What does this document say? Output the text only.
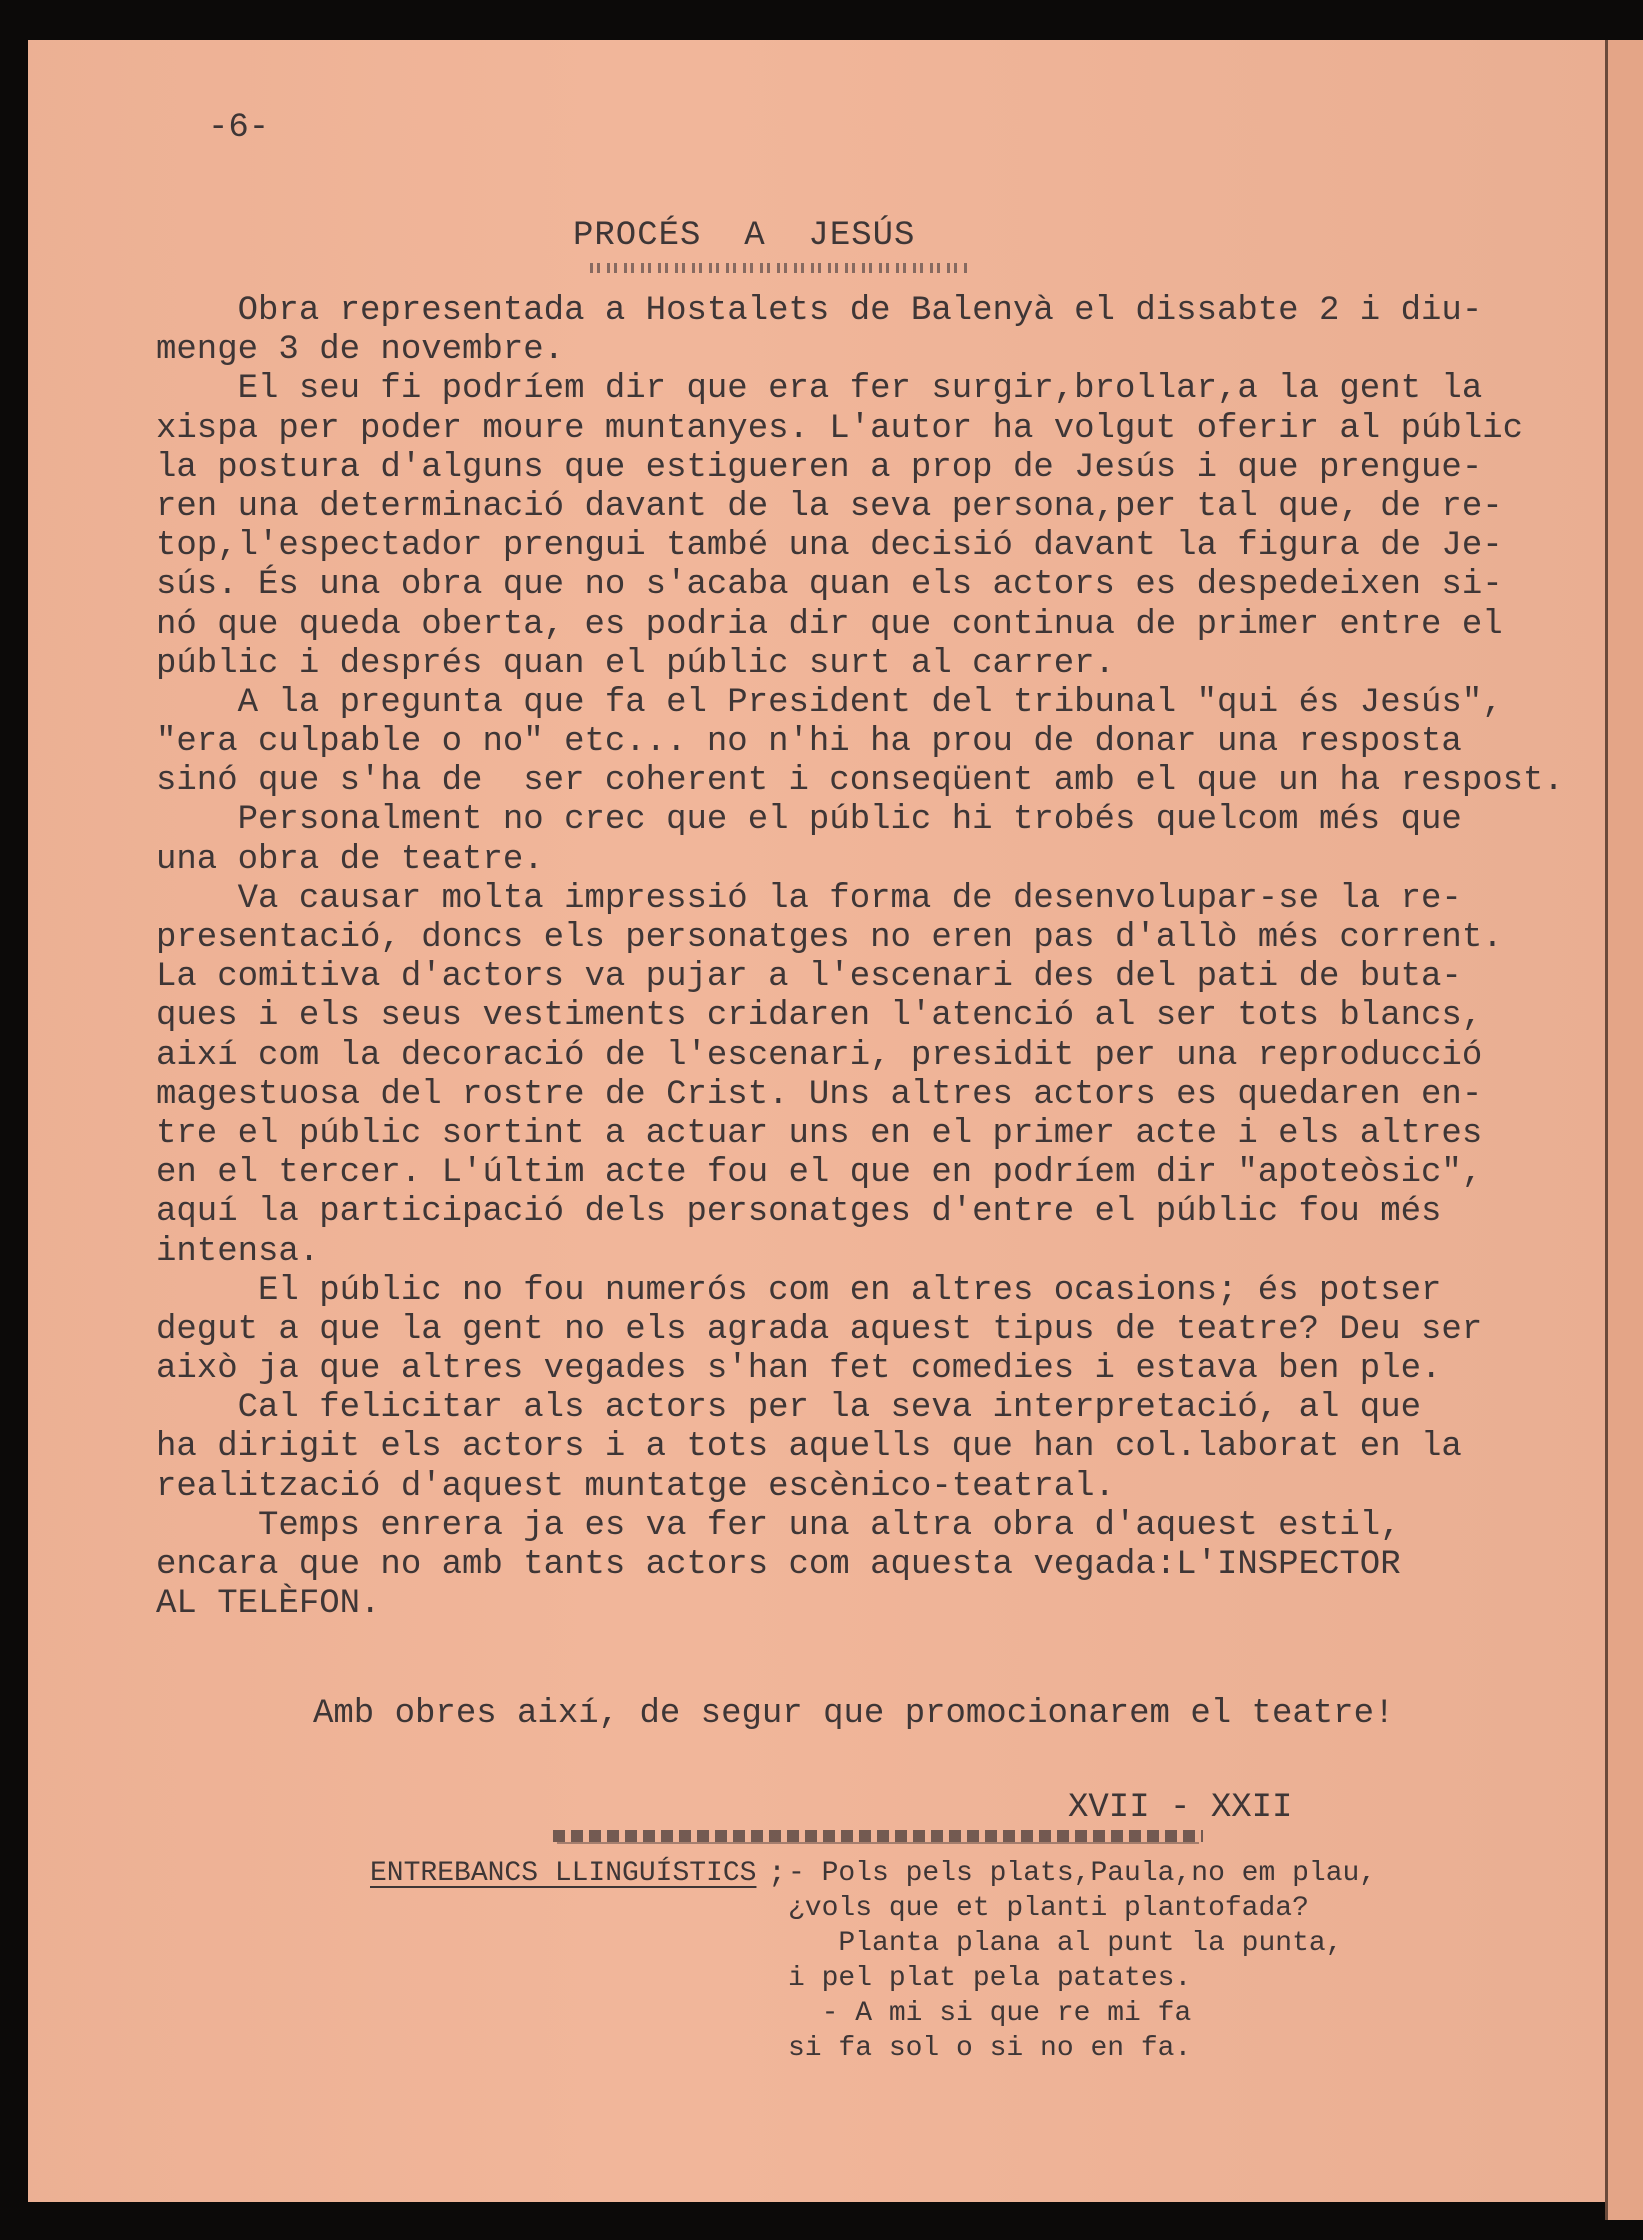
-6-
PROCÉS  A  JESÚS
Obra representada a Hostalets de Balenyà el dissabte 2 i diu-
menge 3 de novembre.
El seu fi podríem dir que era fer surgir,brollar,a la gent la
xispa per poder moure muntanyes. L'autor ha volgut oferir al públic
la postura d'alguns que estigueren a prop de Jesús i que prengue-
ren una determinació davant de la seva persona,per tal que, de re-
top,l'espectador prengui també una decisió davant la figura de Je-
sús. És una obra que no s'acaba quan els actors es despedeixen si-
nó que queda oberta, es podria dir que continua de primer entre el
públic i després quan el públic surt al carrer.
A la pregunta que fa el President del tribunal "qui és Jesús",
"era culpable o no" etc... no n'hi ha prou de donar una resposta
sinó que s'ha de  ser coherent i conseqüent amb el que un ha respost.
Personalment no crec que el públic hi trobés quelcom més que
una obra de teatre.
Va causar molta impressió la forma de desenvolupar-se la re-
presentació, doncs els personatges no eren pas d'allò més corrent.
La comitiva d'actors va pujar a l'escenari des del pati de buta-
ques i els seus vestiments cridaren l'atenció al ser tots blancs,
així com la decoració de l'escenari, presidit per una reproducció
magestuosa del rostre de Crist. Uns altres actors es quedaren en-
tre el públic sortint a actuar uns en el primer acte i els altres
en el tercer. L'últim acte fou el que en podríem dir "apoteòsic",
aquí la participació dels personatges d'entre el públic fou més
intensa.
El públic no fou numerós com en altres ocasions; és potser
degut a que la gent no els agrada aquest tipus de teatre? Deu ser
això ja que altres vegades s'han fet comedies i estava ben ple.
Cal felicitar als actors per la seva interpretació, al que
ha dirigit els actors i a tots aquells que han col.laborat en la
realització d'aquest muntatge escènico-teatral.
Temps enrera ja es va fer una altra obra d'aquest estil,
encara que no amb tants actors com aquesta vegada:L'INSPECTOR
AL TELÈFON.
Amb obres així, de segur que promocionarem el teatre!
XVII - XXII
ENTREBANCS LLINGUÍSTICS ; - Pols pels plats,Paula,no em plau,
¿vols que et planti plantofada?
Planta plana al punt la punta,
i pel plat pela patates.
- A mi si que re mi fa
si fa sol o si no en fa.
